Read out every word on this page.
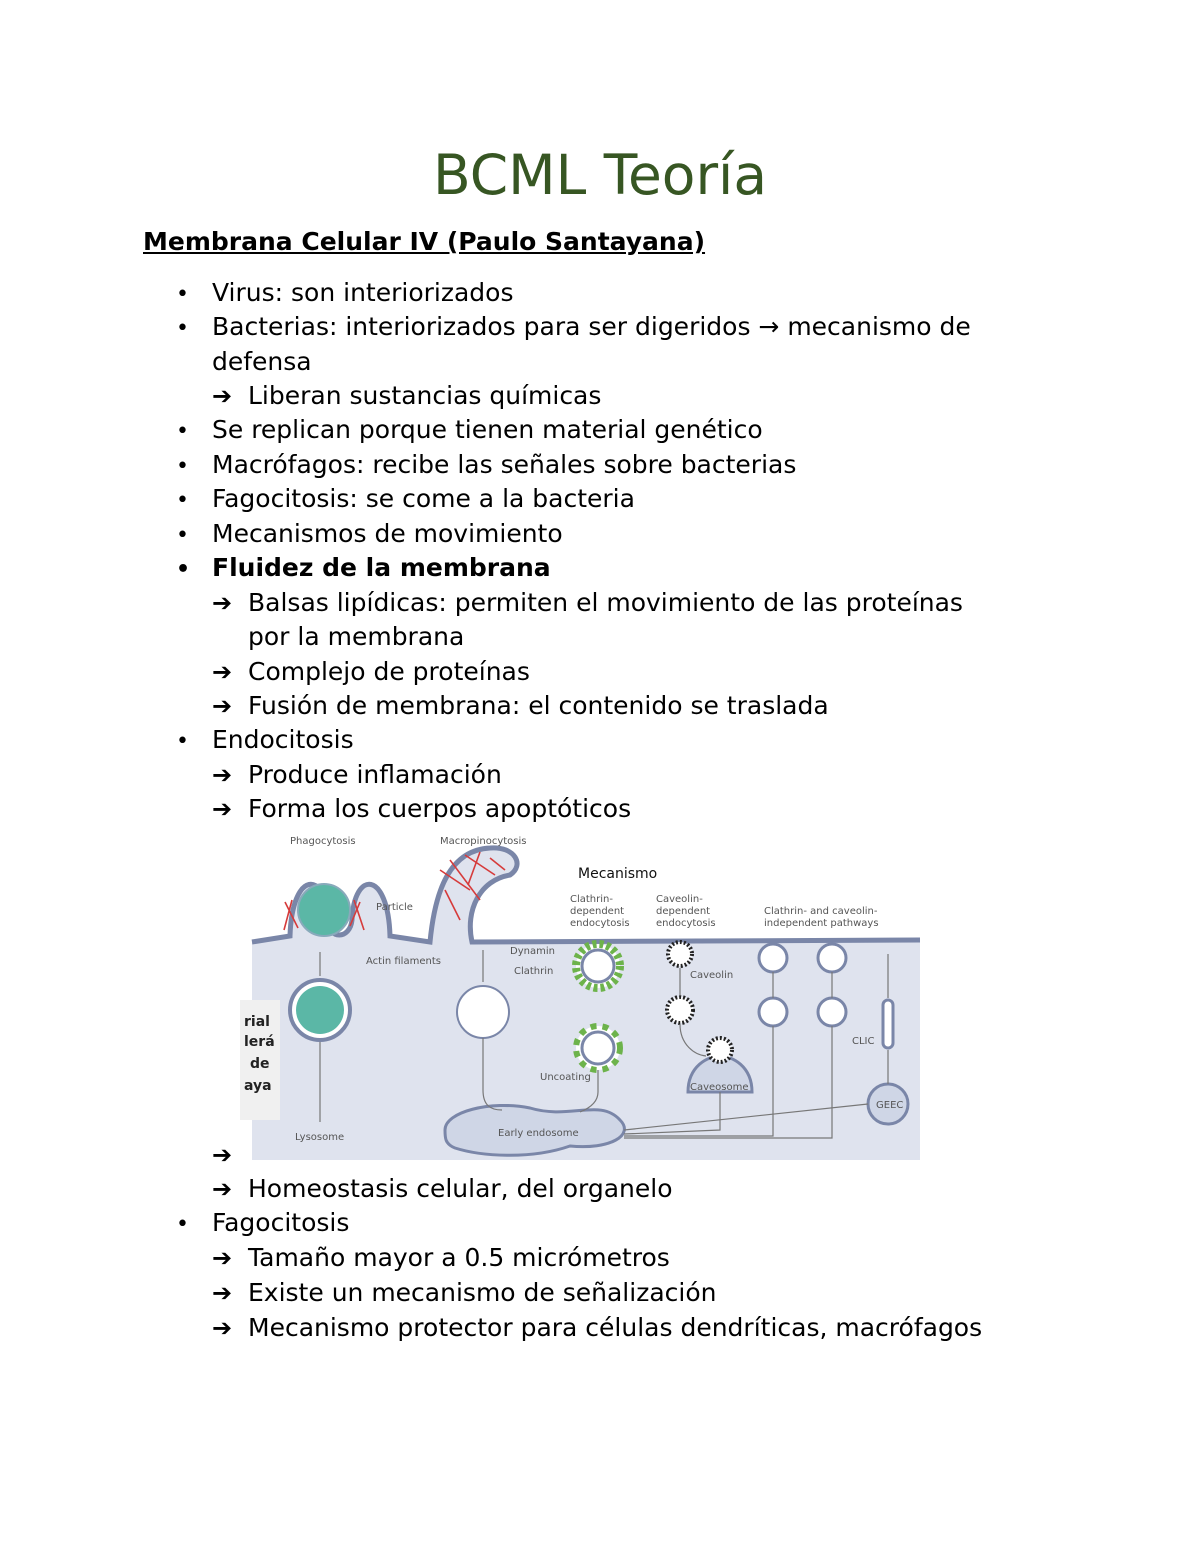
BCML Teoría
Membrana Celular IV (Paulo Santayana)
• Virus: son interiorizados
• Bacterias: interiorizados para ser digeridos → mecanismo de
defensa
➔ Liberan sustancias químicas
• Se replican porque tienen material genético
• Macrófagos: recibe las señales sobre bacterias
• Fagocitosis: se come a la bacteria
• Mecanismos de movimiento
• Fluidez de la membrana
➔ Balsas lipídicas: permiten el movimiento de las proteínas
por la membrana
➔ Complejo de proteínas
➔ Fusión de membrana: el contenido se traslada
• Endocitosis
➔ Produce inflamación
➔ Forma los cuerpos apoptóticos
Phagocytosis	Macropinocytosis
Particle
Actin filaments
Mecanismo
Clathrin-
dependent
endocytosis
Caveolin-
dependent
endocytosis
Clathrin- and caveolin-
independent pathways
Dynamin
Clathrin	Caveolin
Uncoating
CLIC
Lysosome
Caveosome
GEEC
Early endosome
rial
lerá
de
aya
➔
➔ Homeostasis celular, del organelo
• Fagocitosis
➔ Tamaño mayor a 0.5 micrómetros
➔ Existe un mecanismo de señalización
➔ Mecanismo protector para células dendríticas, macrófagos
